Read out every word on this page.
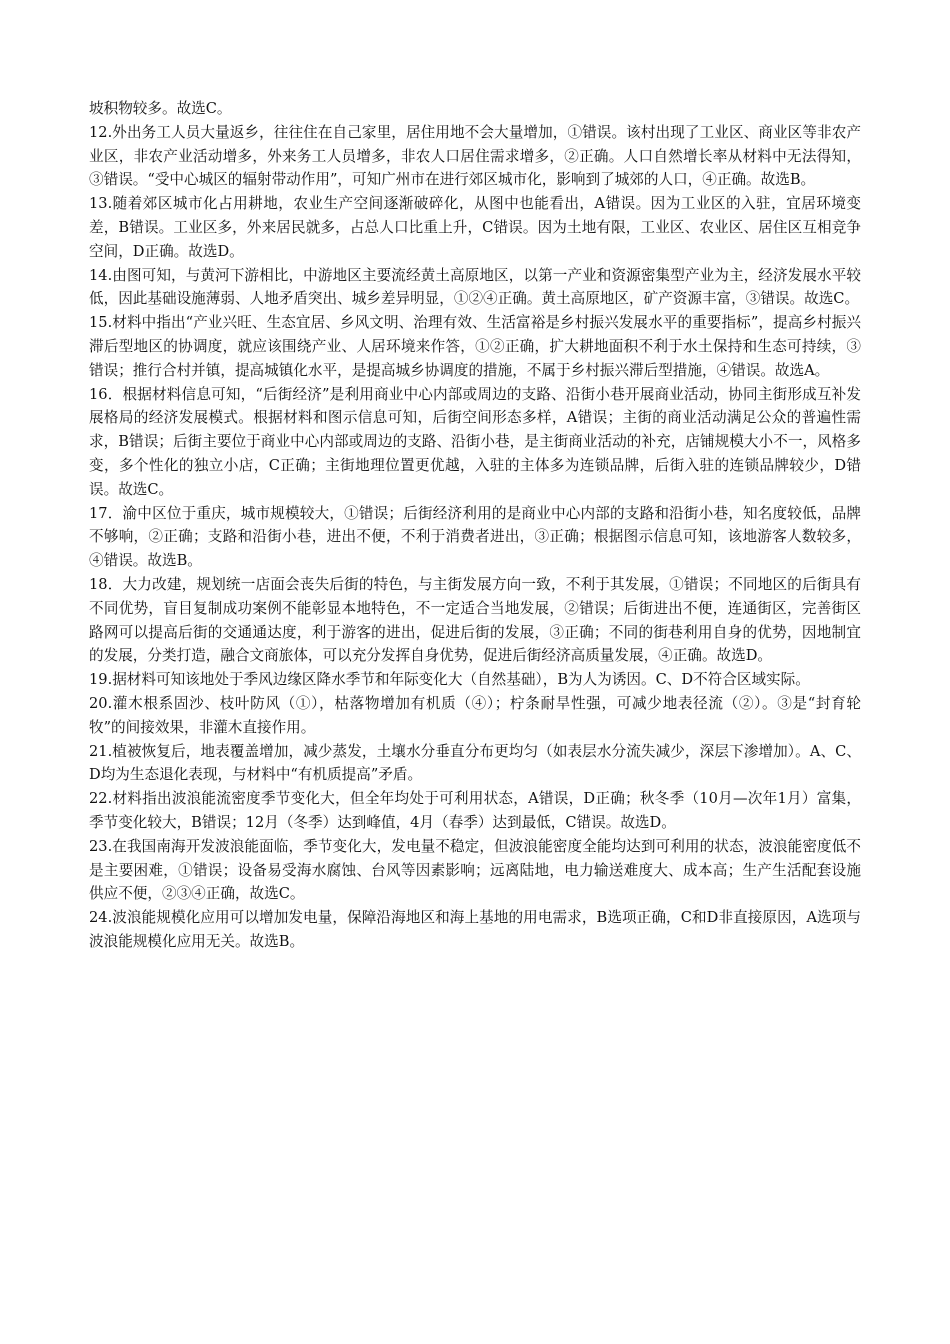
坡积物较多。故选C。

12.外出务工人员大量返乡，往往住在自己家里，居住用地不会大量增加，①错误。该村出现了工业区、商业区等非农产业区，非农产业活动增多，外来务工人员增多，非农人口居住需求增多，②正确。人口自然增长率从材料中无法得知，③错误。“受中心城区的辐射带动作用”，可知广州市在进行郊区城市化，影响到了城郊的人口，④正确。故选B。

13.随着郊区城市化占用耕地，农业生产空间逐渐破碎化，从图中也能看出，A错误。因为工业区的入驻，宜居环境变差，B错误。工业区多，外来居民就多，占总人口比重上升，C错误。因为土地有限，工业区、农业区、居住区互相竞争空间，D正确。故选D。

14.由图可知，与黄河下游相比，中游地区主要流经黄土高原地区，以第一产业和资源密集型产业为主，经济发展水平较低，因此基础设施薄弱、人地矛盾突出、城乡差异明显，①②④正确。黄土高原地区，矿产资源丰富，③错误。故选C。

15.材料中指出“产业兴旺、生态宜居、乡风文明、治理有效、生活富裕是乡村振兴发展水平的重要指标”，提高乡村振兴滞后型地区的协调度，就应该围绕产业、人居环境来作答，①②正确，扩大耕地面积不利于水土保持和生态可持续，③错误；推行合村并镇，提高城镇化水平，是提高城乡协调度的措施，不属于乡村振兴滞后型措施，④错误。故选A。

16．根据材料信息可知，“后街经济”是利用商业中心内部或周边的支路、沿街小巷开展商业活动，协同主街形成互补发展格局的经济发展模式。根据材料和图示信息可知，后街空间形态多样，A错误；主街的商业活动满足公众的普遍性需求，B错误；后街主要位于商业中心内部或周边的支路、沿街小巷，是主街商业活动的补充，店铺规模大小不一，风格多变，多个性化的独立小店，C正确；主街地理位置更优越，入驻的主体多为连锁品牌，后街入驻的连锁品牌较少，D错误。故选C。

17．渝中区位于重庆，城市规模较大，①错误；后街经济利用的是商业中心内部的支路和沿街小巷，知名度较低，品牌不够响，②正确；支路和沿街小巷，进出不便，不利于消费者进出，③正确；根据图示信息可知，该地游客人数较多，④错误。故选B。

18．大力改建，规划统一店面会丧失后街的特色，与主街发展方向一致，不利于其发展，①错误；不同地区的后街具有不同优势，盲目复制成功案例不能彰显本地特色，不一定适合当地发展，②错误；后街进出不便，连通街区，完善街区路网可以提高后街的交通通达度，利于游客的进出，促进后街的发展，③正确；不同的街巷利用自身的优势，因地制宜的发展，分类打造，融合文商旅体，可以充分发挥自身优势，促进后街经济高质量发展，④正确。故选D。

19.据材料可知该地处于季风边缘区降水季节和年际变化大（自然基础），B为人为诱因。C、D不符合区域实际。

20.灌木根系固沙、枝叶防风（①），枯落物增加有机质（④）；柠条耐旱性强，可减少地表径流（②）。③是“封育轮牧”的间接效果，非灌木直接作用。

21.植被恢复后，地表覆盖增加，减少蒸发，土壤水分垂直分布更均匀（如表层水分流失减少，深层下渗增加）。A、C、D均为生态退化表现，与材料中“有机质提高”矛盾。

22.材料指出波浪能流密度季节变化大，但全年均处于可利用状态，A错误，D正确；秋冬季（10月—次年1月）富集，季节变化较大，B错误；12月（冬季）达到峰值，4月（春季）达到最低，C错误。故选D。

23.在我国南海开发波浪能面临，季节变化大，发电量不稳定，但波浪能密度全能均达到可利用的状态，波浪能密度低不是主要困难，①错误；设备易受海水腐蚀、台风等因素影响；远离陆地，电力输送难度大、成本高；生产生活配套设施供应不便，②③④正确，故选C。

24.波浪能规模化应用可以增加发电量，保障沿海地区和海上基地的用电需求，B选项正确，C和D非直接原因，A选项与波浪能规模化应用无关。故选B。
